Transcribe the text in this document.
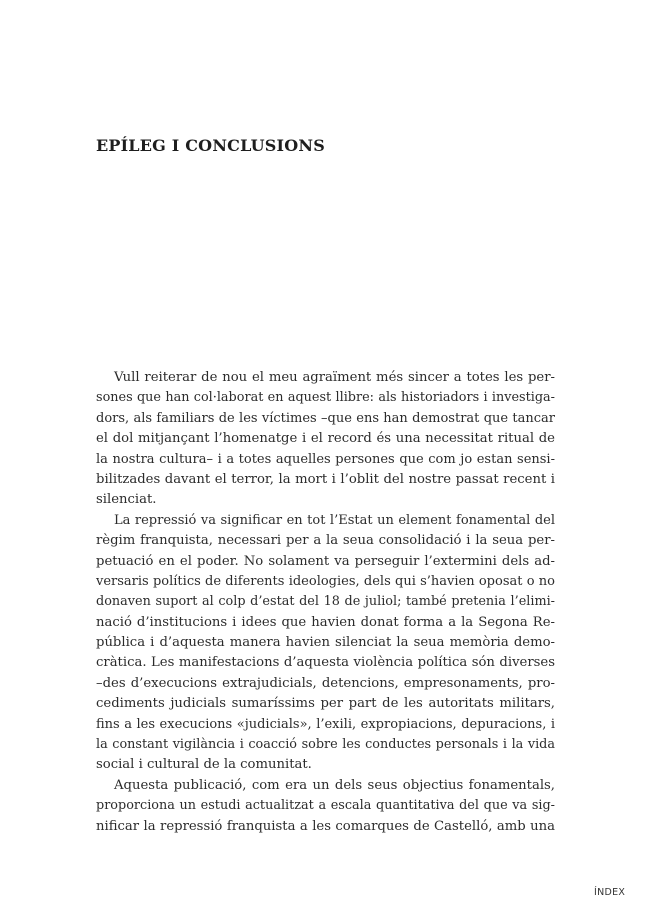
EPÍLEG I CONCLUSIONS
Vull reiterar de nou el meu agraïment més sincer a totes les per-
sones que han col·laborat en aquest llibre: als historiadors i investiga-
dors, als familiars de les víctimes –que ens han demostrat que tancar
el dol mitjançant l’homenatge i el record és una necessitat ritual de
la nostra cultura– i a totes aquelles persones que com jo estan sensi-
bilitzades davant el terror, la mort i l’oblit del nostre passat recent i
silenciat.
La repressió va significar en tot l’Estat un element fonamental del
règim franquista, necessari per a la seua consolidació i la seua per-
petuació en el poder. No solament va perseguir l’extermini dels ad-
versaris polítics de diferents ideologies, dels qui s’havien oposat o no
donaven suport al colp d’estat del 18 de juliol; també pretenia l’elimi-
nació d’institucions i idees que havien donat forma a la Segona Re-
pública i d’aquesta manera havien silenciat la seua memòria demo-
cràtica. Les manifestacions d’aquesta violència política són diverses
–des d’execucions extrajudicials, detencions, empresonaments, pro-
cediments judicials sumaríssims per part de les autoritats militars,
fins a les execucions «judicials», l’exili, expropiacions, depuracions, i
la constant vigilància i coacció sobre les conductes personals i la vida
social i cultural de la comunitat.
Aquesta publicació, com era un dels seus objectius fonamentals,
proporciona un estudi actualitzat a escala quantitativa del que va sig-
nificar la repressió franquista a les comarques de Castelló, amb una
ÍNDEX
